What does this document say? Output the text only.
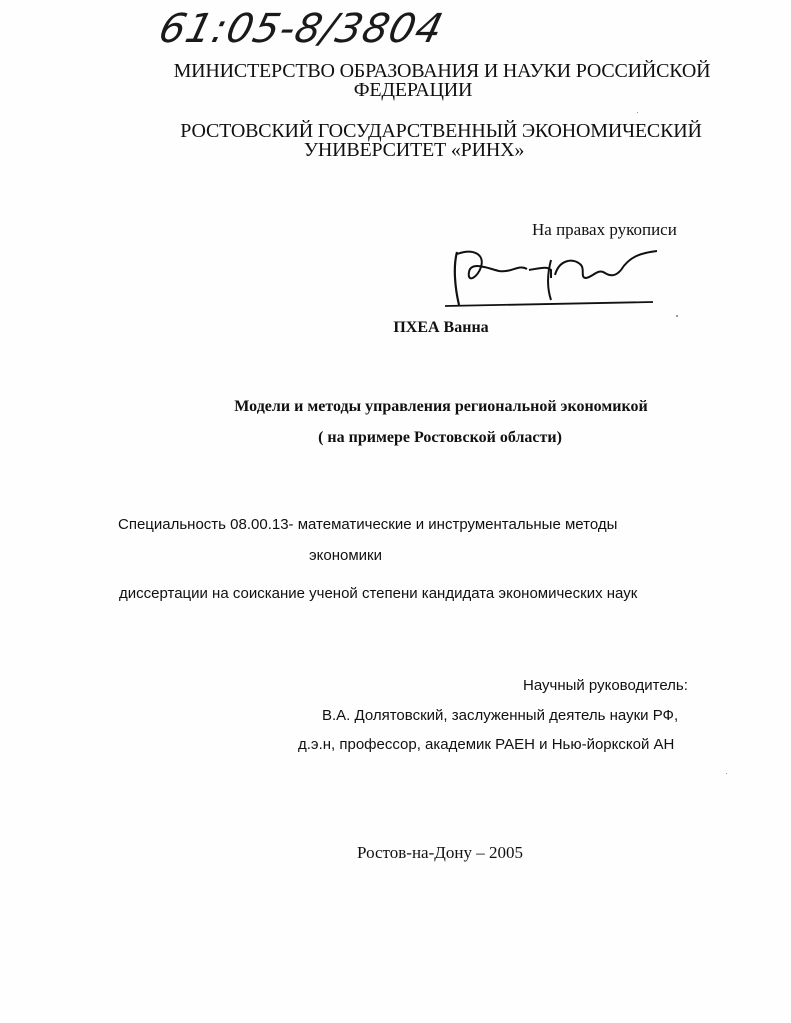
61:05-8/3804
МИНИСТЕРСТВО ОБРАЗОВАНИЯ И НАУКИ РОССИЙСКОЙ
ФЕДЕРАЦИИ
РОСТОВСКИЙ ГОСУДАРСТВЕННЫЙ ЭКОНОМИЧЕСКИЙ
УНИВЕРСИТЕТ «РИНХ»
На правах рукописи
ПХЕА Ванна
Модели и методы управления региональной экономикой
( на примере Ростовской области)
Специальность 08.00.13- математические и инструментальные методы
экономики
диссертации на соискание ученой степени кандидата экономических наук
Научный руководитель:
В.А. Долятовский, заслуженный деятель науки РФ,
д.э.н, профессор, академик РАЕН и Нью-йоркской АН
Ростов-на-Дону – 2005
